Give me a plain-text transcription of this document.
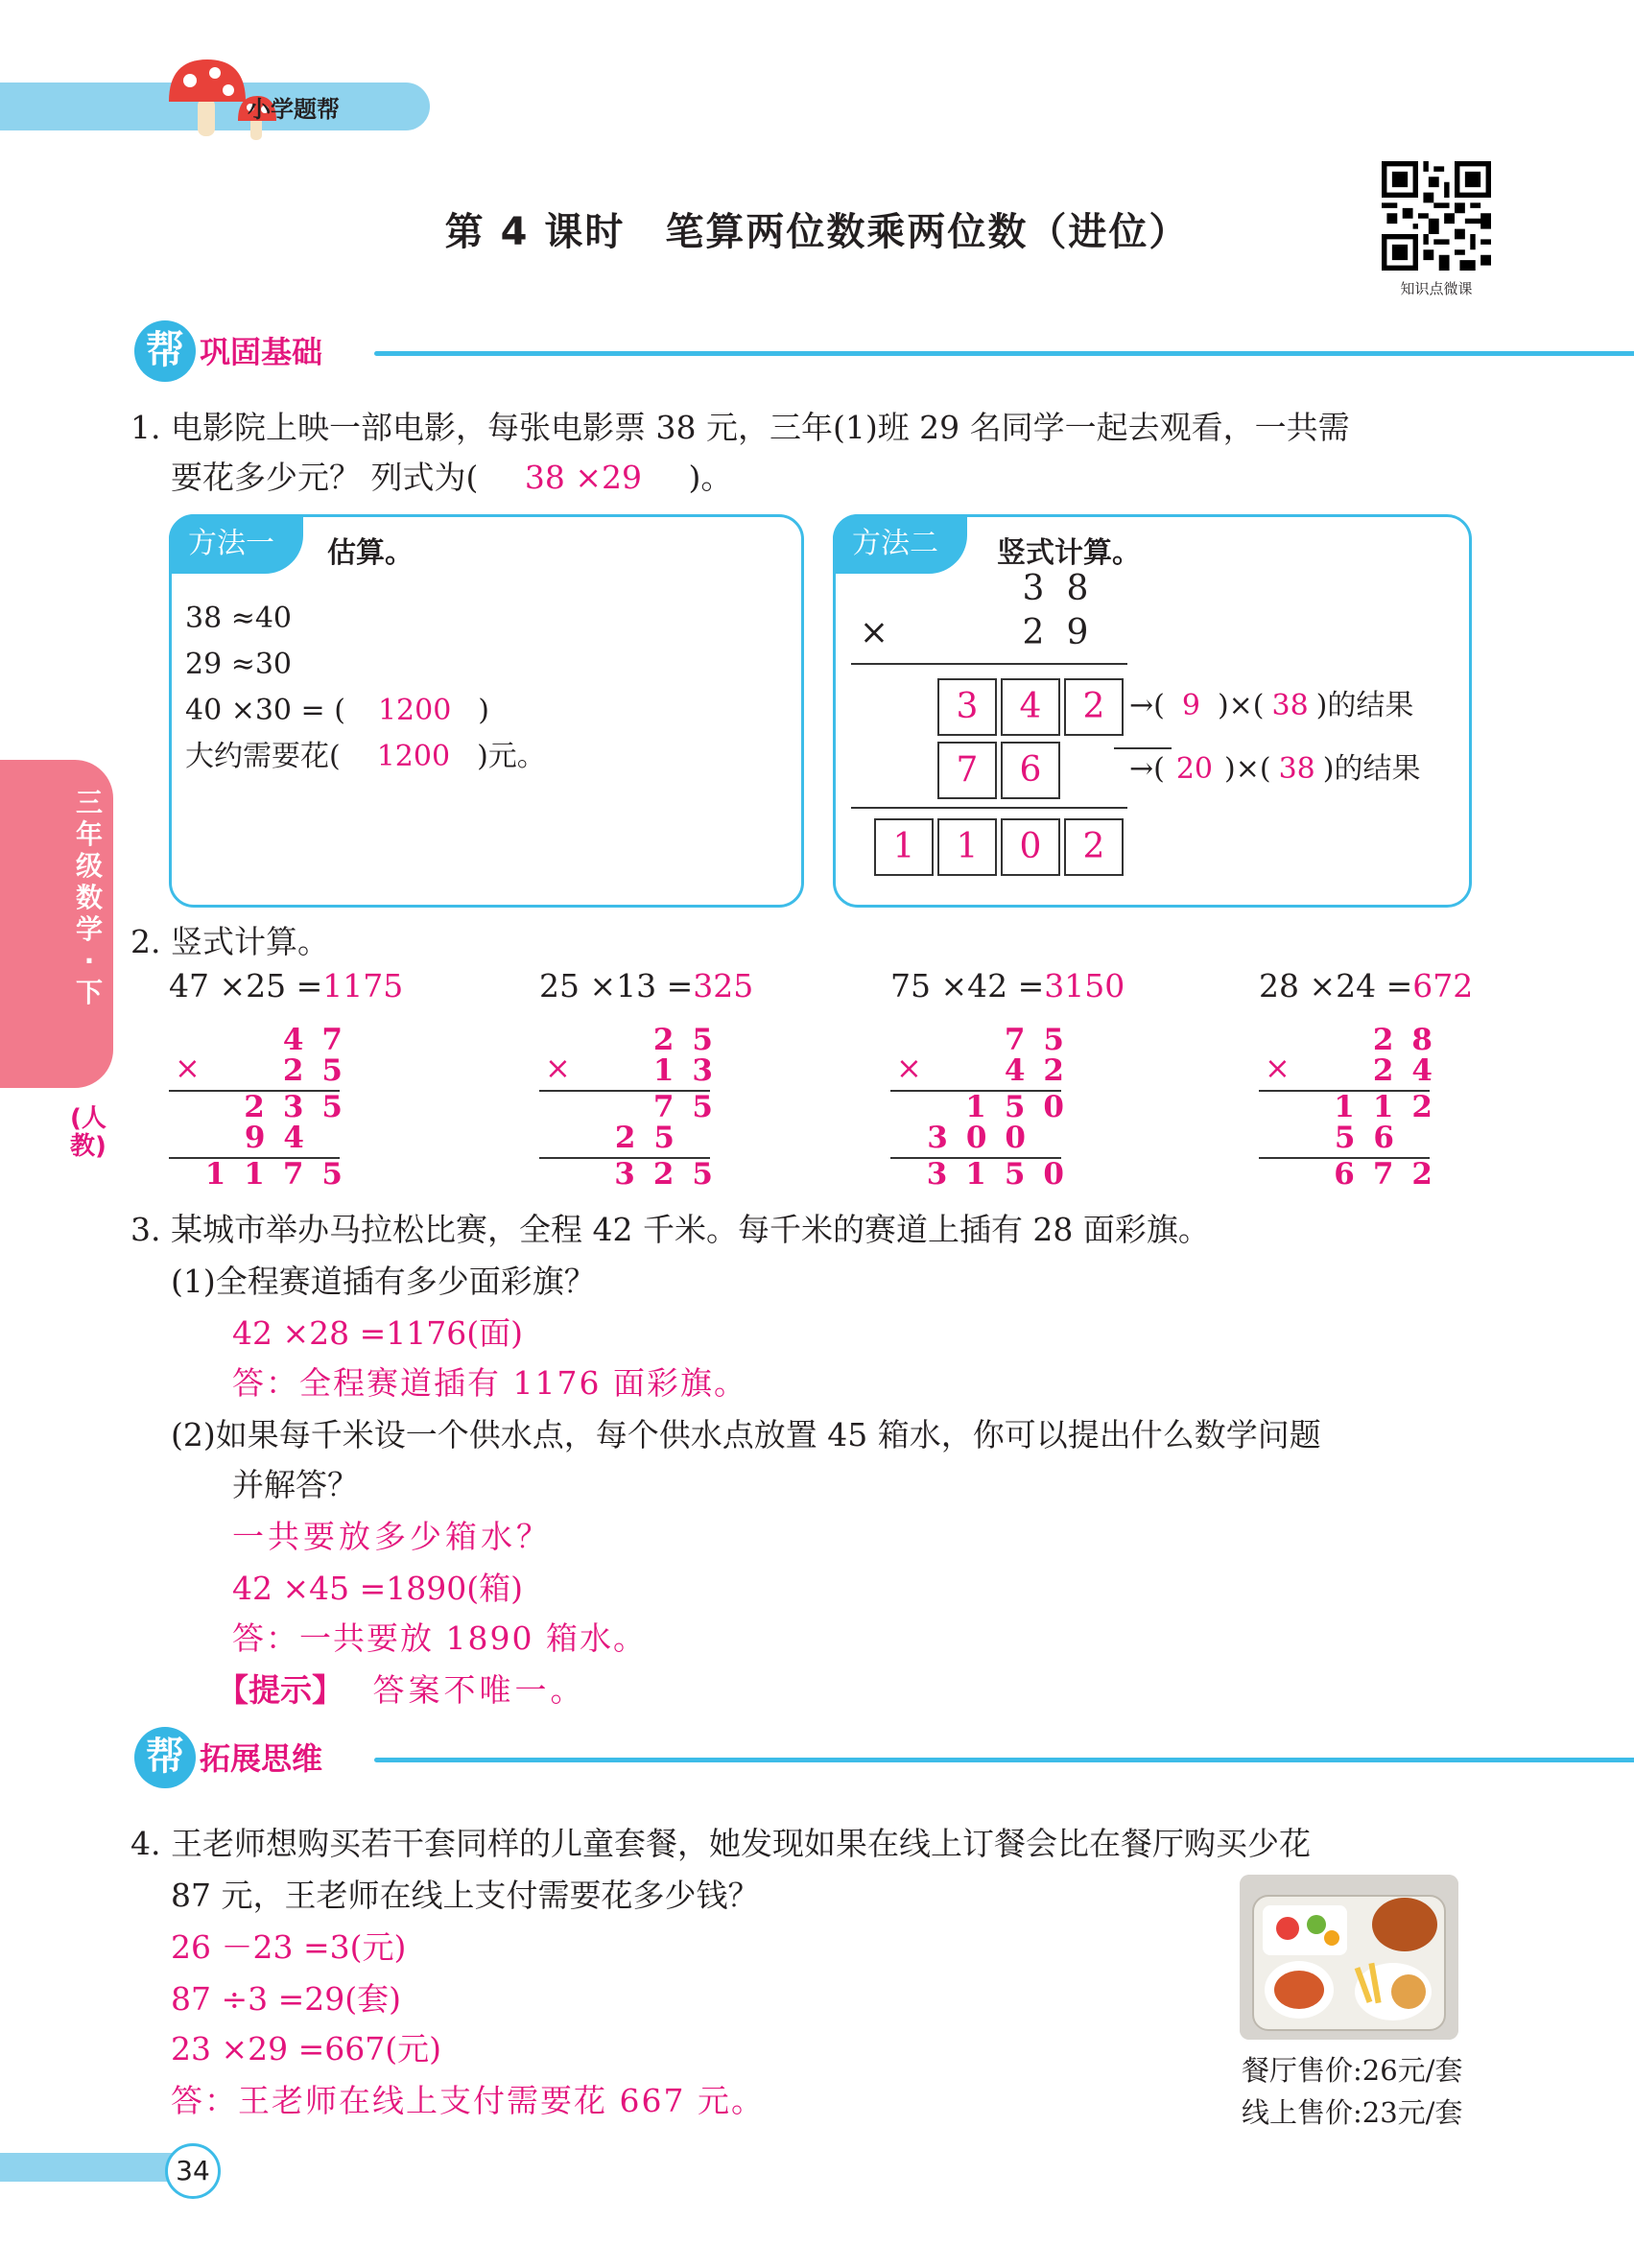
小学题帮
第 4 课时　笔算两位数乘两位数（进位）
知识点微课
帮 巩固基础
1. 电影院上映一部电影，每张电影票 38 元，三年(1)班 29 名同学一起去观看，一共需
要花多少元？ 列式为( 38 ×29 )。
方法一	估算。
38 ≈40
29 ≈30
40 ×30 = ( 1200 )
大约需要花( 1200 )元。
方法二	竖式计算。
3 8
×	2 9
3	4	2
7	6
1	1	0	2
→( 9 )×( 38 )的结果
→( 20 )×( 38 )的结果
2. 竖式计算。
47 ×25 =1175
47
×	25
235
94
1175
25 ×13 =325
25
×	13
75
25
325
75 ×42 =3150
75
×	42
150
300
3150
28 ×24 =672
28
×	24
112
56
672
三年级数学·下
(人教)
3. 某城市举办马拉松比赛，全程 42 千米。每千米的赛道上插有 28 面彩旗。
(1)全程赛道插有多少面彩旗？
42 ×28 =1176(面)
答：全程赛道插有 1176 面彩旗。
(2)如果每千米设一个供水点，每个供水点放置 45 箱水，你可以提出什么数学问题
并解答？
一共要放多少箱水？
42 ×45 =1890(箱)
答：一共要放 1890 箱水。
【提示】 答案不唯一。
帮 拓展思维
4. 王老师想购买若干套同样的儿童套餐，她发现如果在线上订餐会比在餐厅购买少花
87 元，王老师在线上支付需要花多少钱？
26 －23 =3(元)
87 ÷3 =29(套)
23 ×29 =667(元)
答：王老师在线上支付需要花 667 元。
餐厅售价:26元/套
线上售价:23元/套
34
